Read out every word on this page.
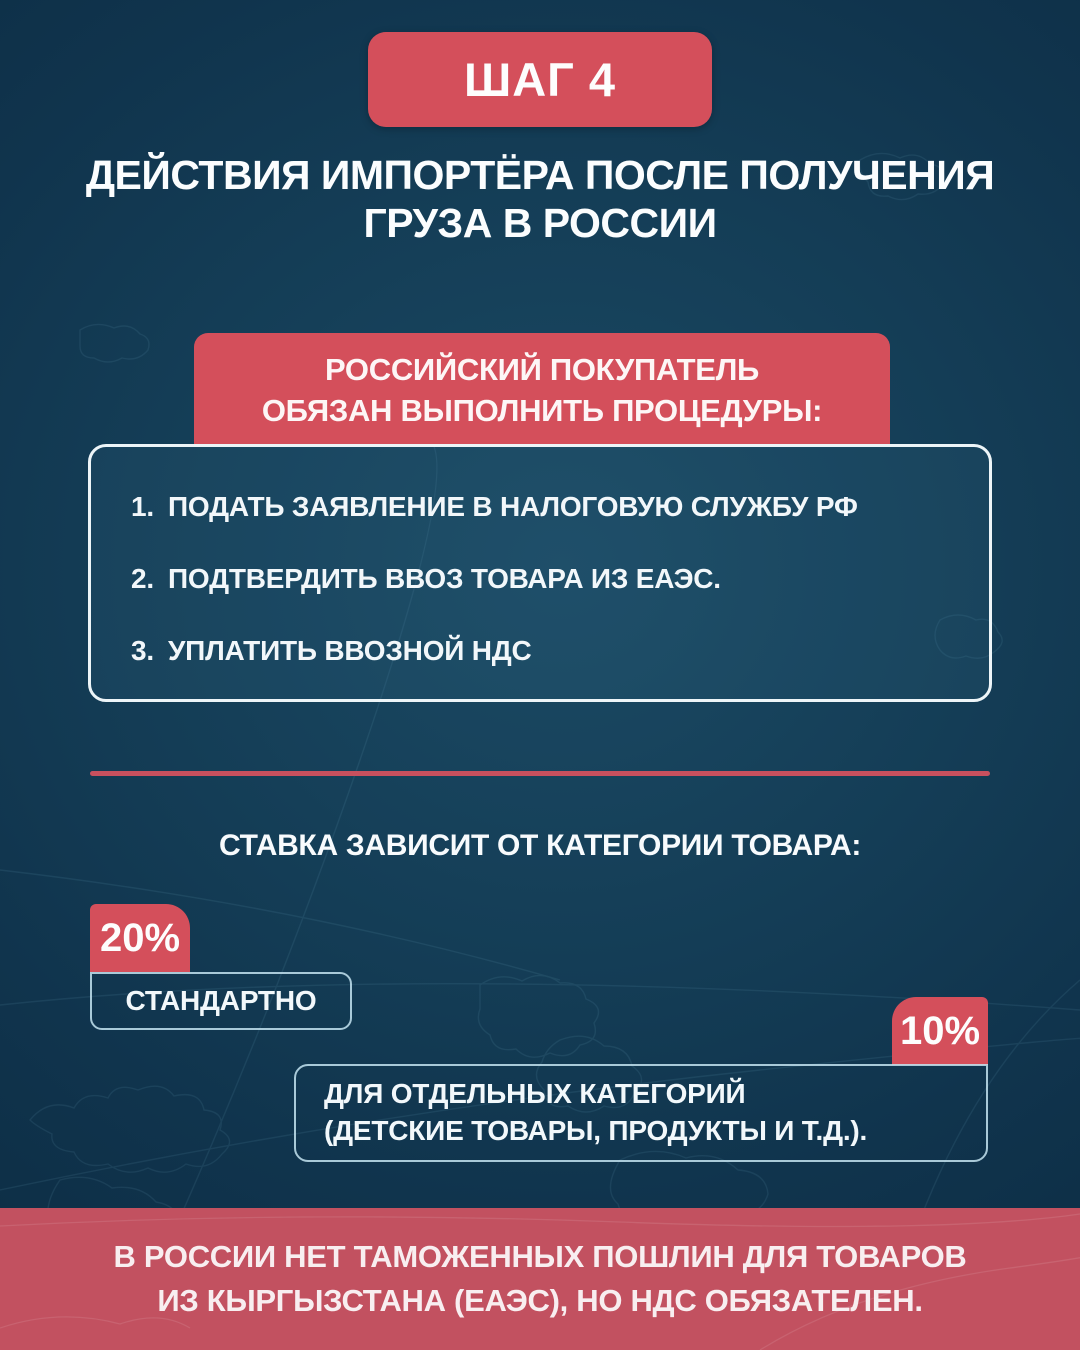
ШАГ 4
ДЕЙСТВИЯ ИМПОРТЁРА ПОСЛЕ ПОЛУЧЕНИЯ
ГРУЗА В РОССИИ
РОССИЙСКИЙ ПОКУПАТЕЛЬ
ОБЯЗАН ВЫПОЛНИТЬ ПРОЦЕДУРЫ:
1. ПОДАТЬ ЗАЯВЛЕНИЕ В НАЛОГОВУЮ СЛУЖБУ РФ
2. ПОДТВЕРДИТЬ ВВОЗ ТОВАРА ИЗ ЕАЭС.
3. УПЛАТИТЬ ВВОЗНОЙ НДС
СТАВКА ЗАВИСИТ ОТ КАТЕГОРИИ ТОВАРА:
20%
СТАНДАРТНО
10%
ДЛЯ ОТДЕЛЬНЫХ КАТЕГОРИЙ
(ДЕТСКИЕ ТОВАРЫ, ПРОДУКТЫ И Т.Д.).
В РОССИИ НЕТ ТАМОЖЕННЫХ ПОШЛИН ДЛЯ ТОВАРОВ
ИЗ КЫРГЫЗСТАНА (ЕАЭС), НО НДС ОБЯЗАТЕЛЕН.
